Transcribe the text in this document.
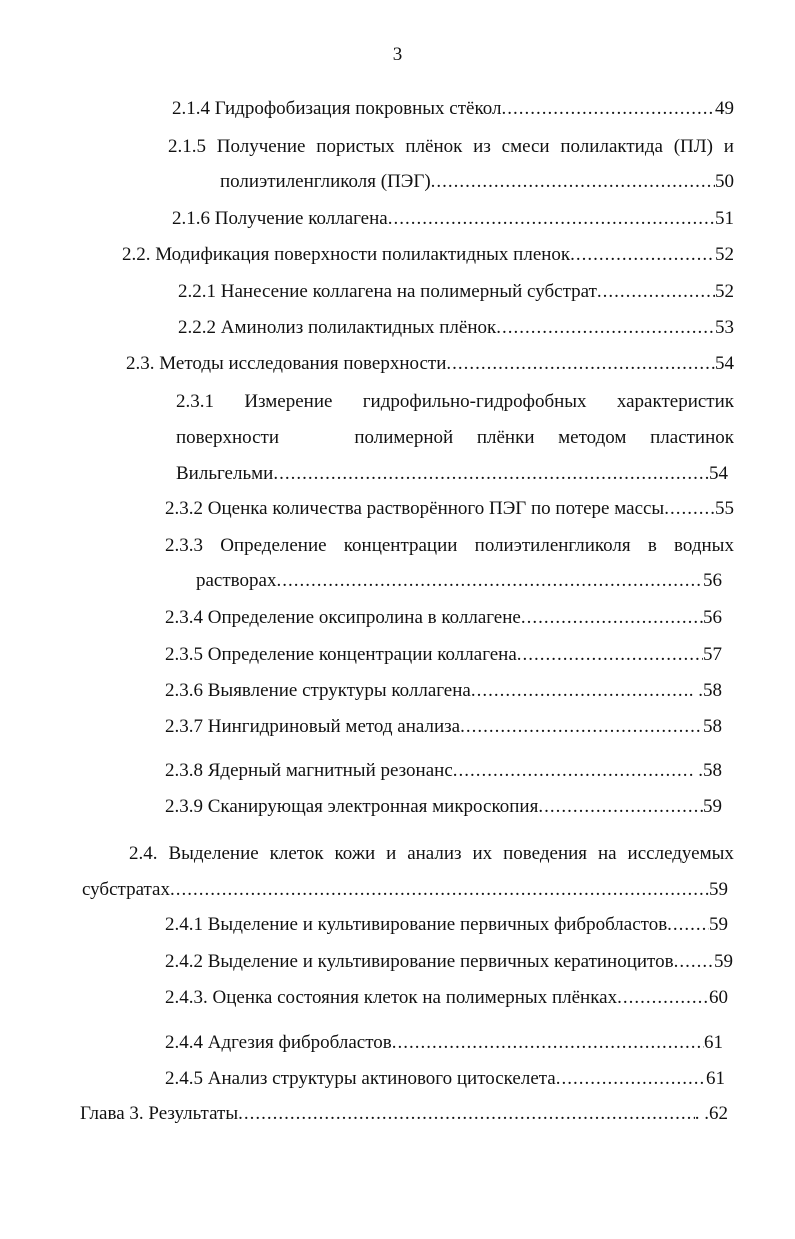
3
2.1.4 Гидрофобизация покровных стёкол .....	49
2.1.5 Получение пористых плёнок из смеси полилактида (ПЛ) и
полиэтиленгликоля (ПЭГ) .....	50
2.1.6 Получение коллагена .....	51
2.2. Модификация поверхности полилактидных пленок .....	52
2.2.1 Нанесение коллагена на полимерный субстрат .....	52
2.2.2 Аминолиз полилактидных плёнок .....	53
2.3. Методы исследования поверхности .....	54
2.3.1 Измерение гидрофильно-гидрофобных характеристик
поверхности	полимерной плёнки методом пластинок
Вильгельми .....	54
2.3.2 Оценка количества растворённого ПЭГ по потере массы .....	55
2.3.3 Определение концентрации полиэтиленгликоля в водных
растворах .....	56
2.3.4 Определение оксипролина в коллагене .....	56
2.3.5 Определение концентрации коллагена .....	57
2.3.6 Выявление структуры коллагена .....	. .58
2.3.7 Нингидриновый метод анализа .....	58
2.3.8 Ядерный магнитный резонанс .....	. .58
2.3.9 Сканирующая электронная микроскопия .....	59
2.4. Выделение клеток кожи и анализ их поведения на исследуемых
субстратах .....	59
2.4.1 Выделение и культивирование первичных фибробластов ..... 59
2.4.2 Выделение и культивирование первичных кератиноцитов ..... 59
2.4.3. Оценка состояния клеток на полимерных плёнках .....	60
2.4.4 Адгезия фибробластов .....	61
2.4.5 Анализ структуры актинового цитоскелета .....	61
Глава 3. Результаты .....	. .62
